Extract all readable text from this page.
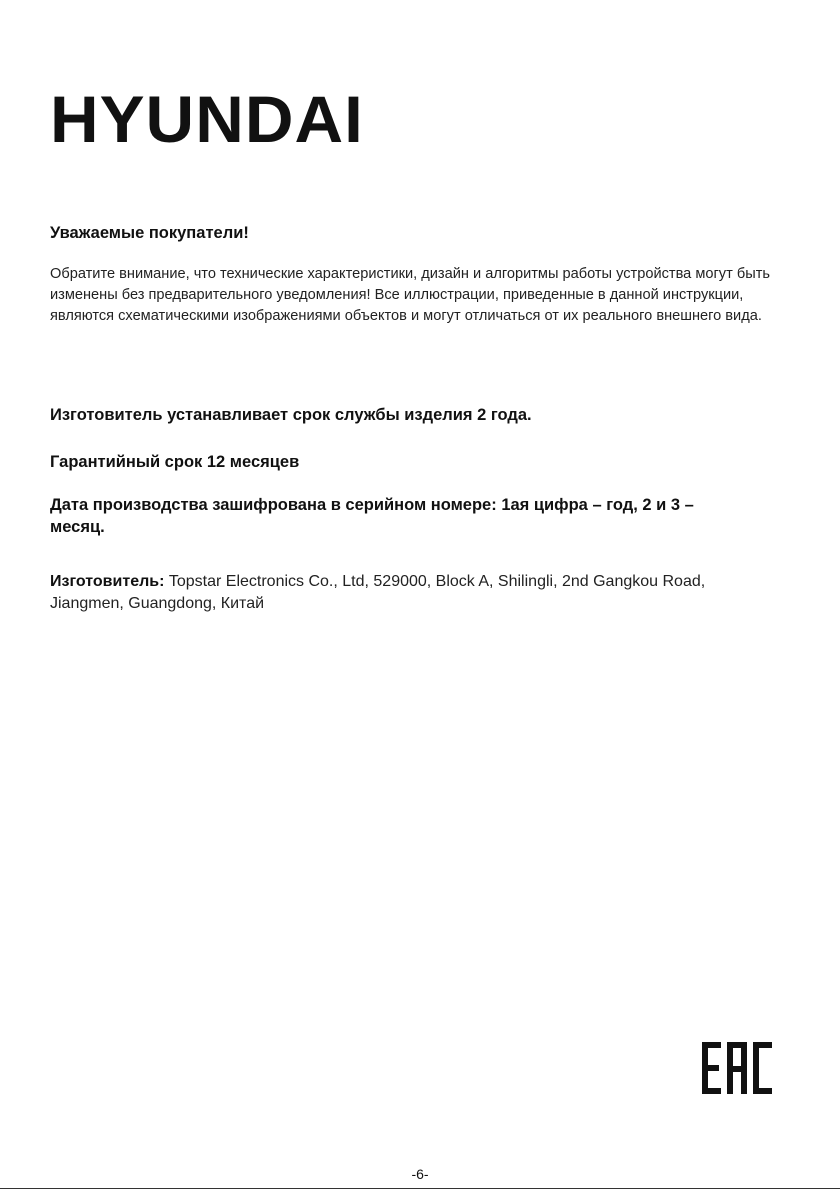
HYUNDAI
Уважаемые покупатели!

Обратите внимание, что технические характеристики, дизайн и алгоритмы работы устройства могут быть изменены без предварительного уведомления! Все иллюстрации, приведенные в данной инструкции, являются схематическими изображениями объектов и могут отличаться от их реального внешнего вида.

Изготовитель устанавливает срок службы изделия 2 года.

Гарантийный срок 12 месяцев

Дата производства зашифрована в серийном номере: 1ая цифра – год, 2 и 3 – месяц.

Изготовитель: Topstar Electronics Co., Ltd, 529000, Block A, Shilingli, 2nd Gangkou Road, Jiangmen, Guangdong, Китай

-6-
